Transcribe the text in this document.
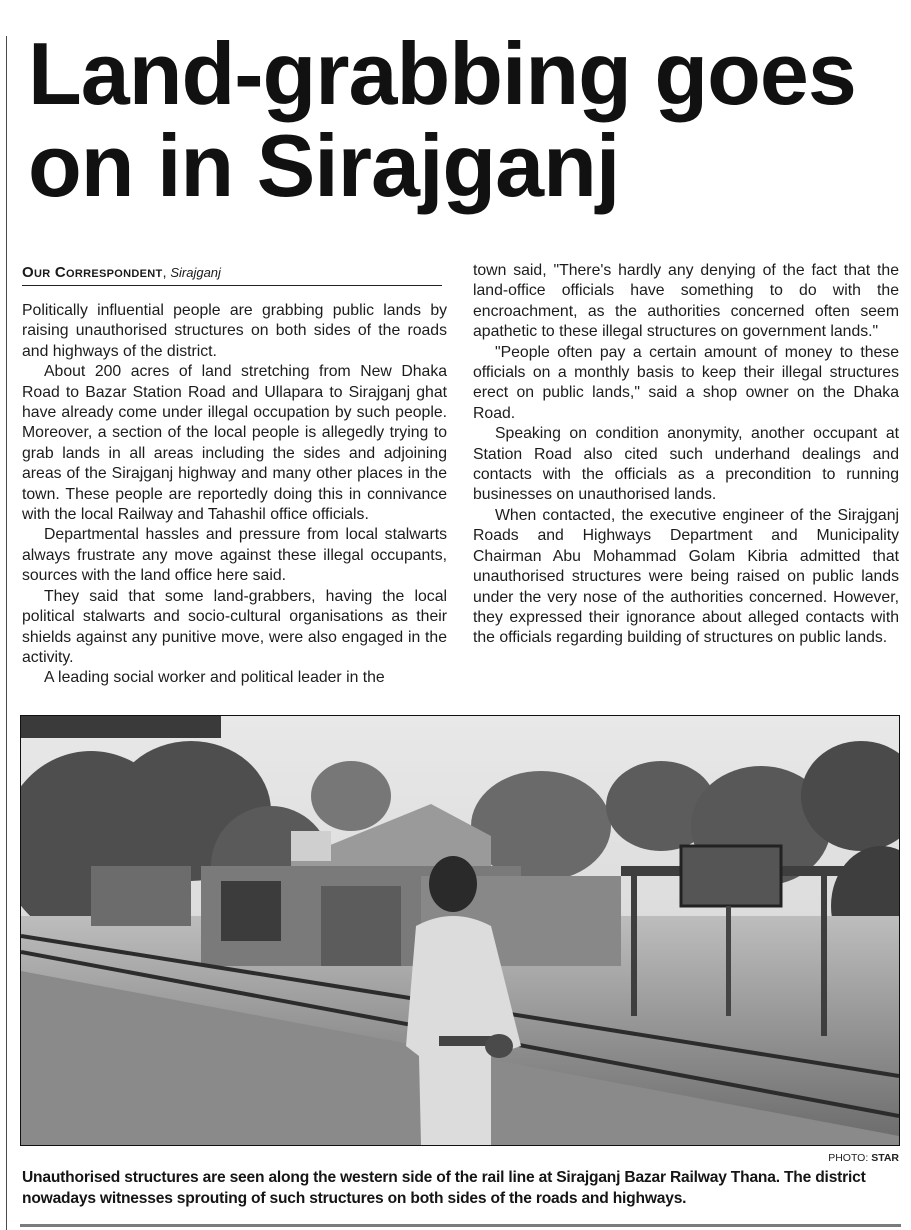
Land-grabbing goes on in Sirajganj
Our Correspondent, Sirajganj

Politically influential people are grabbing public lands by raising unauthorised structures on both sides of the roads and highways of the district.

About 200 acres of land stretching from New Dhaka Road to Bazar Station Road and Ullapara to Sirajganj ghat have already come under illegal occupation by such people. Moreover, a section of the local people is allegedly trying to grab lands in all areas including the sides and adjoining areas of the Sirajganj highway and many other places in the town. These people are reportedly doing this in connivance with the local Railway and Tahashil office officials.

Departmental hassles and pressure from local stalwarts always frustrate any move against these illegal occupants, sources with the land office here said.

They said that some land-grabbers, having the local political stalwarts and socio-cultural organisations as their shields against any punitive move, were also engaged in the activity.

A leading social worker and political leader in the

town said, "There's hardly any denying of the fact that the land-office officials have something to do with the encroachment, as the authorities concerned often seem apathetic to these illegal structures on government lands."

"People often pay a certain amount of money to these officials on a monthly basis to keep their illegal structures erect on public lands," said a shop owner on the Dhaka Road.

Speaking on condition anonymity, another occupant at Station Road also cited such underhand dealings and contacts with the officials as a precondition to running businesses on unauthorised lands.

When contacted, the executive engineer of the Sirajganj Roads and Highways Department and Municipality Chairman Abu Mohammad Golam Kibria admitted that unauthorised structures were being raised on public lands under the very nose of the authorities concerned. However, they expressed their ignorance about alleged contacts with the officials regarding building of structures on public lands.

PHOTO: STAR
Unauthorised structures are seen along the western side of the rail line at Sirajganj Bazar Railway Thana. The district nowadays witnesses sprouting of such structures on both sides of the roads and highways.
